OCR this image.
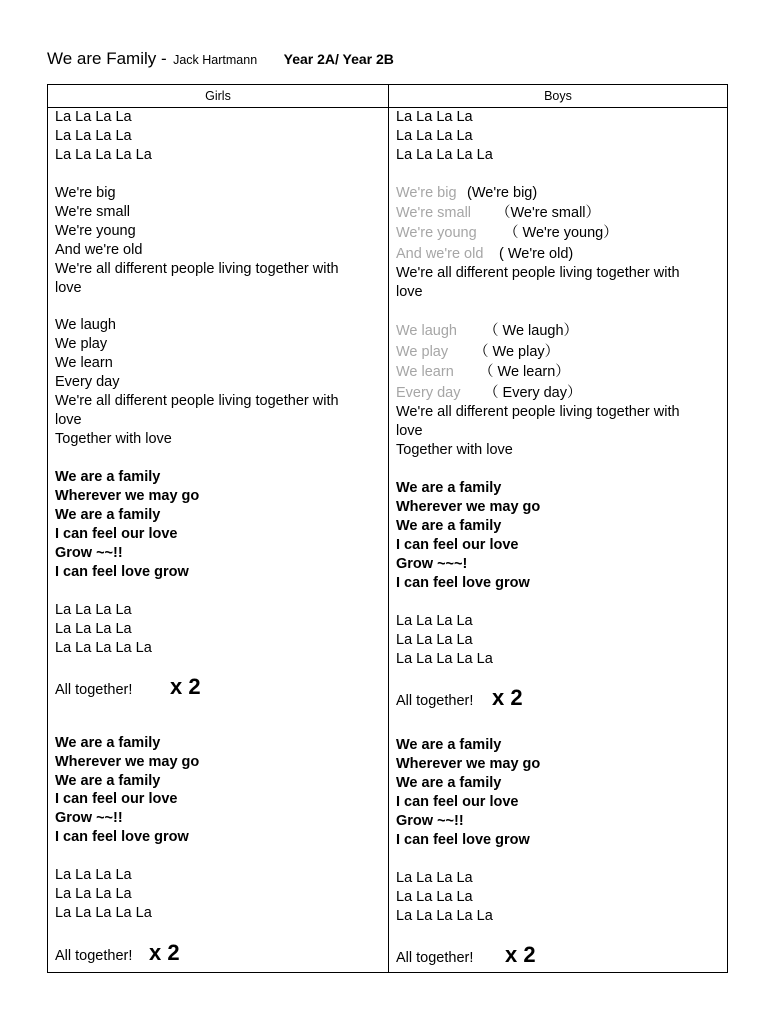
We are Family - Jack Hartmann Year 2A/ Year 2B
Girls
La La La La
La La La La
La La La La La
We're big
We're small
We're young
And we're old
We're all different people living together with
love
We laugh
We play
We learn
Every day
We're all different people living together with
love
Together with love
We are a family
Wherever we may go
We are a family
I can feel our love
Grow ~~!!
I can feel love grow
La La La La
La La La La
La La La La La
All together! x 2
We are a family
Wherever we may go
We are a family
I can feel our love
Grow ~~!!
I can feel love grow
La La La La
La La La La
La La La La La
All together! x 2
Boys
La La La La
La La La La
La La La La La
We're big (We're big)
We're small （We're small）
We're young （ We're young）
And we're old ( We're old)
We're all different people living together with
love
We laugh （ We laugh）
We play （ We play）
We learn （ We learn）
Every day （ Every day）
We're all different people living together with
love
Together with love
We are a family
Wherever we may go
We are a family
I can feel our love
Grow ~~~!
I can feel love grow
La La La La
La La La La
La La La La La
All together! x 2
We are a family
Wherever we may go
We are a family
I can feel our love
Grow ~~!!
I can feel love grow
La La La La
La La La La
La La La La La
All together! x 2
